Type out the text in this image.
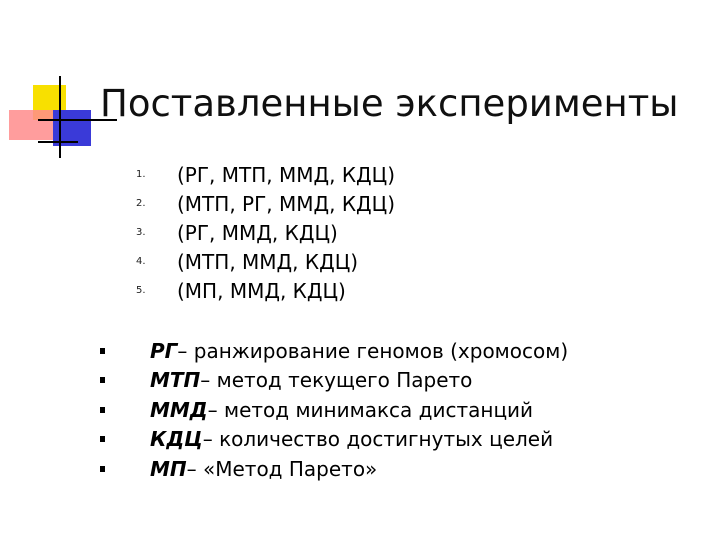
Поставленные эксперименты
1.	(РГ, МТП, ММД, КДЦ)
2.	(МТП, РГ, ММД, КДЦ)
3.	(РГ, ММД, КДЦ)
4.	(МТП, ММД, КДЦ)
5.	(МП, ММД, КДЦ)
РГ – ранжирование геномов (хромосом)
МТП – метод текущего Парето
ММД – метод минимакса дистанций
КДЦ – количество достигнутых целей
МП – «Метод Парето»
